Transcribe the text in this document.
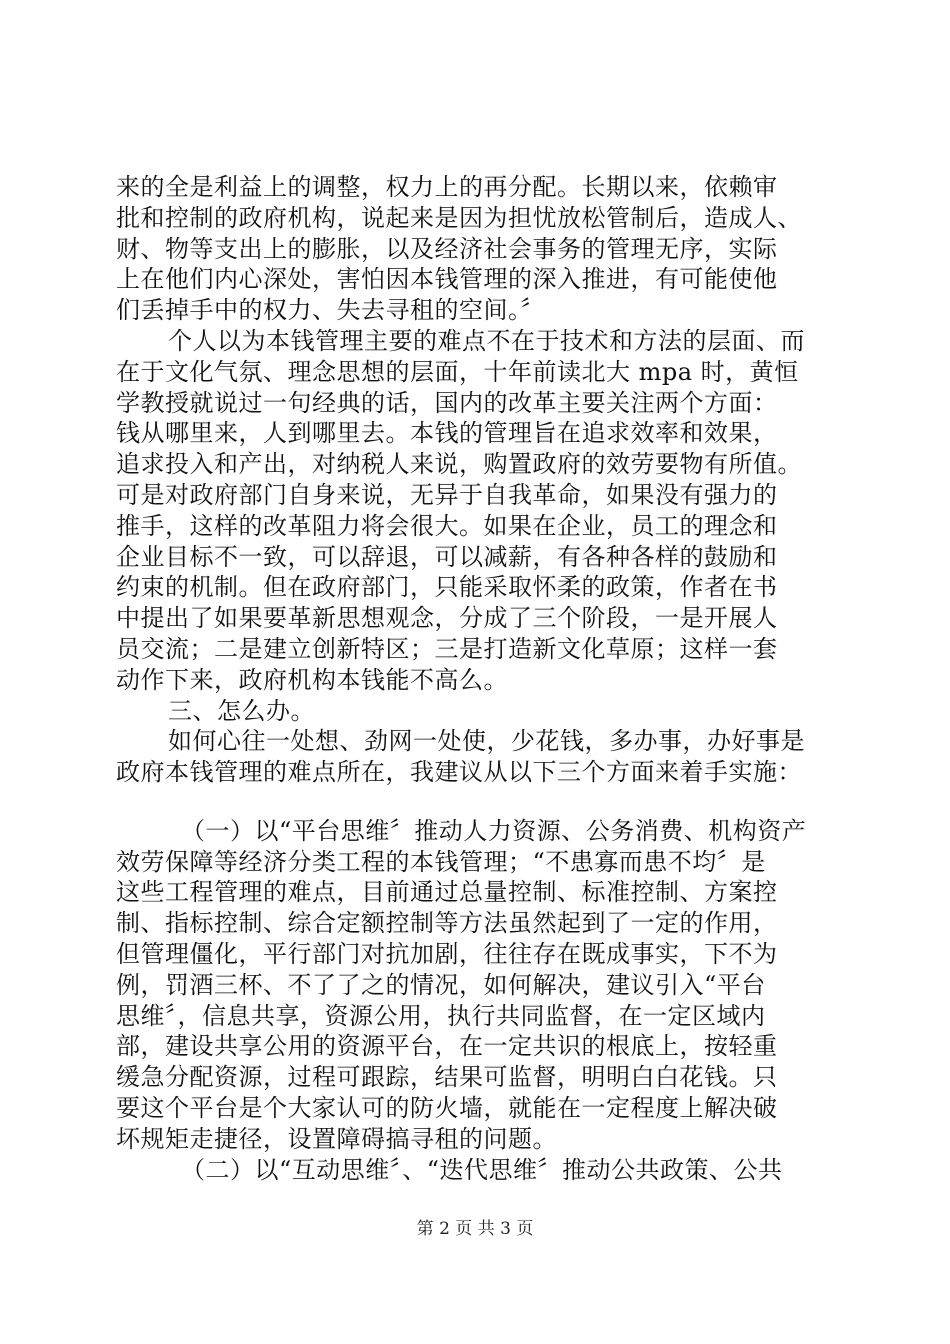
来的全是利益上的调整，权力上的再分配。长期以来，依赖审
批和控制的政府机构，说起来是因为担忧放松管制后，造成人、
财、物等支出上的膨胀，以及经济社会事务的管理无序，实际
上在他们内心深处，害怕因本钱管理的深入推进，有可能使他
们丢掉手中的权力、失去寻租的空间。〞
个人以为本钱管理主要的难点不在于技术和方法的层面、而
在于文化气氛、理念思想的层面，十年前读北大 mpa 时，黄恒
学教授就说过一句经典的话，国内的改革主要关注两个方面：
钱从哪里来，人到哪里去。本钱的管理旨在追求效率和效果，
追求投入和产出，对纳税人来说，购置政府的效劳要物有所值。
可是对政府部门自身来说，无异于自我革命，如果没有强力的
推手，这样的改革阻力将会很大。如果在企业，员工的理念和
企业目标不一致，可以辞退，可以减薪，有各种各样的鼓励和
约束的机制。但在政府部门，只能采取怀柔的政策，作者在书
中提出了如果要革新思想观念，分成了三个阶段，一是开展人
员交流；二是建立创新特区；三是打造新文化草原；这样一套
动作下来，政府机构本钱能不高么。
三、怎么办。
如何心往一处想、劲网一处使，少花钱，多办事，办好事是
政府本钱管理的难点所在，我建议从以下三个方面来着手实施：
（一）以“平台思维〞推动人力资源、公务消费、机构资产
效劳保障等经济分类工程的本钱管理；“不患寡而患不均〞是
这些工程管理的难点，目前通过总量控制、标准控制、方案控
制、指标控制、综合定额控制等方法虽然起到了一定的作用，
但管理僵化，平行部门对抗加剧，往往存在既成事实，下不为
例，罚酒三杯、不了了之的情况，如何解决，建议引入“平台
思维〞，信息共享，资源公用，执行共同监督，在一定区域内
部，建设共享公用的资源平台，在一定共识的根底上，按轻重
缓急分配资源，过程可跟踪，结果可监督，明明白白花钱。只
要这个平台是个大家认可的防火墙，就能在一定程度上解决破
坏规矩走捷径，设置障碍搞寻租的问题。
（二）以“互动思维〞、“迭代思维〞推动公共政策、公共
第 2 页 共 3 页
